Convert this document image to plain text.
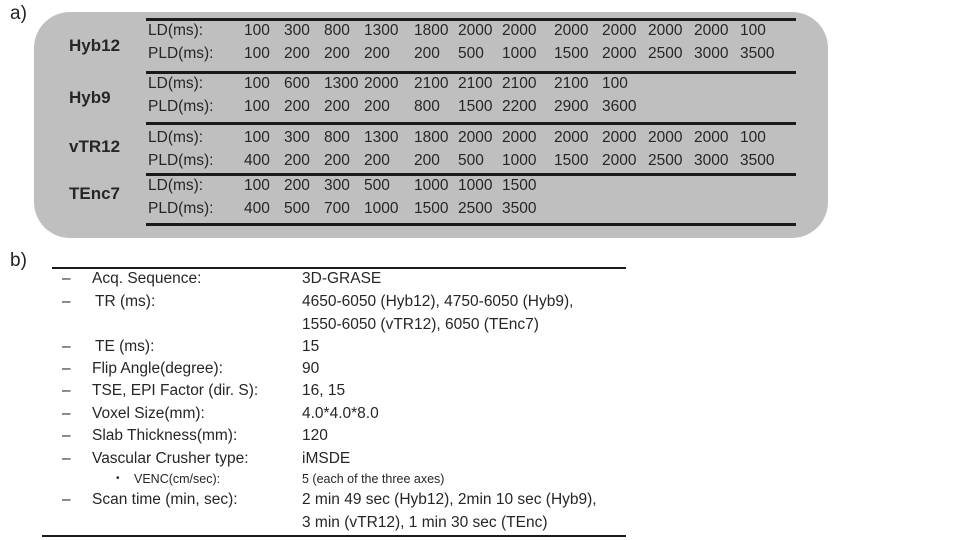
a)
Hyb12
LD(ms):	100 300 800 1300 1800 2000 2000 2000 2000 2000 2000 100
PLD(ms): 100 200 200 200 200 500 1000 1500 2000 2500 3000 3500
Hyb9
LD(ms):	100 600 1300 2000 2100 2100 2100 2100 100
PLD(ms): 100 200 200 200 800 1500 2200 2900 3600
vTR12 LD(ms):	100 300 800 1300 1800 2000 2000 2000 2000 2000 2000 100
PLD(ms): 400 200 200 200 200 500 1000 1500 2000 2500 3000 3500
TEnc7 LD(ms):	100 200 300 500 1000 1000 1500
PLD(ms): 400 500 700 1000 1500 2500 3500
b)
– Acq. Sequence:	3D-GRASE
– TR (ms):	4650-6050 (Hyb12), 4750-6050 (Hyb9),
1550-6050 (vTR12), 6050 (TEnc7)
– TE (ms):	15
– Flip Angle(degree):	90
– TSE, EPI Factor (dir. S):	16, 15
– Voxel Size(mm):	4.0*4.0*8.0
– Slab Thickness(mm):	120
– Vascular Crusher type:	iMSDE
• VENC(cm/sec):	5 (each of the three axes)
– Scan time (min, sec):	2 min 49 sec (Hyb12), 2min 10 sec (Hyb9),
3 min (vTR12), 1 min 30 sec (TEnc)
